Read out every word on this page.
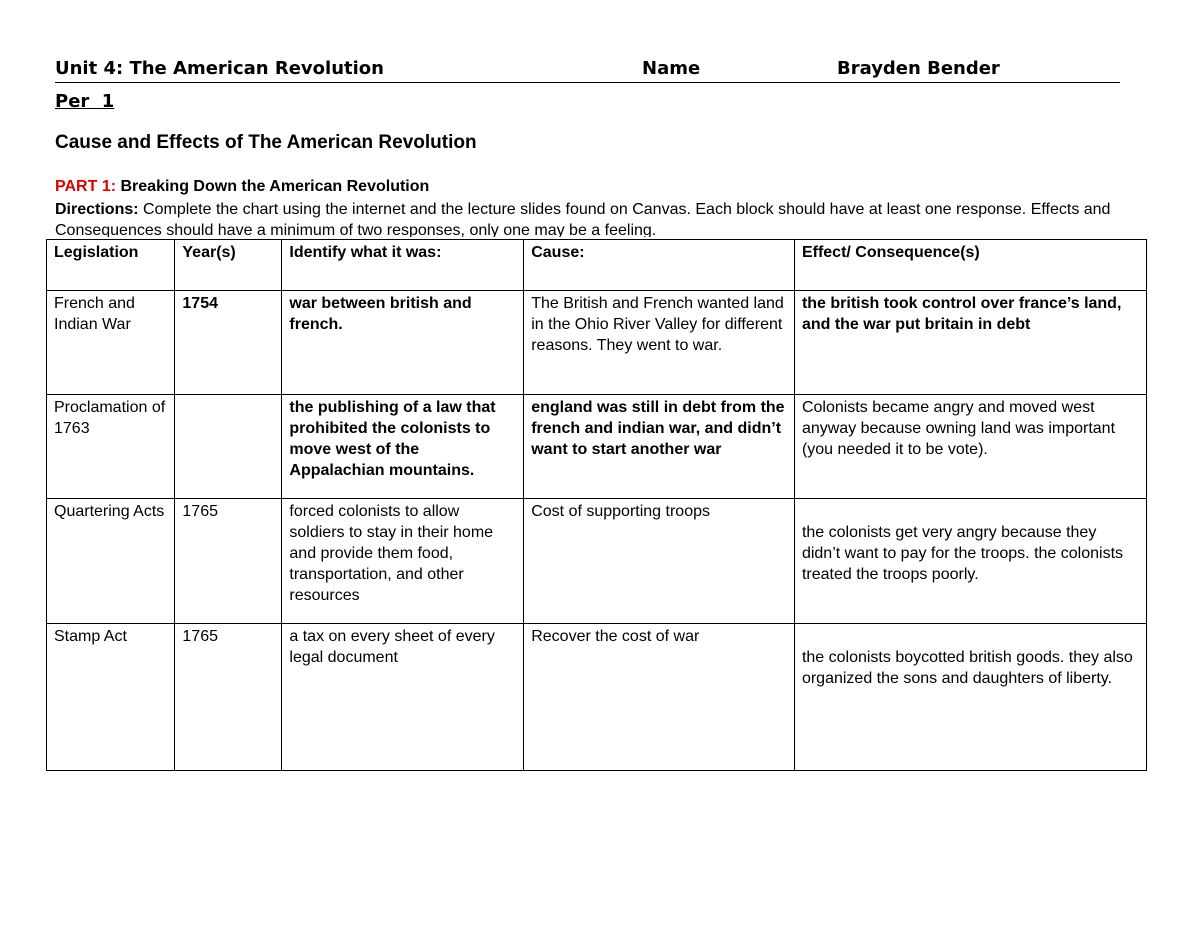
Unit 4: The American Revolution	Name	Brayden Bender
Per  1
Cause and Effects of The American Revolution
PART 1: Breaking Down the American Revolution
Directions: Complete the chart using the internet and the lecture slides found on Canvas. Each block should have at least one response. Effects and Consequences should have a minimum of two responses, only one may be a feeling.
Legislation	Year(s)	Identify what it was:	Cause:	Effect/ Consequence(s)
French and Indian War	1754	war between british and french.	The British and French wanted land in the Ohio River Valley for different reasons. They went to war.	the british took control over france’s land, and the war put britain in debt
Proclamation of 1763		the publishing of a law that prohibited the colonists to move west of the Appalachian mountains.	england was still in debt from the french and indian war, and didn’t want to start another war	Colonists became angry and moved west anyway because owning land was important (you needed it to be vote).
Quartering Acts	1765	forced colonists to allow soldiers to stay in their home and provide them food, transportation, and other resources	Cost of supporting troops	the colonists get very angry because they didn’t want to pay for the troops. the colonists treated the troops poorly.

Stamp Act	1765	a tax on every sheet of every legal document	Recover the cost of war	the colonists boycotted british goods. they also organized the sons and daughters of liberty.
